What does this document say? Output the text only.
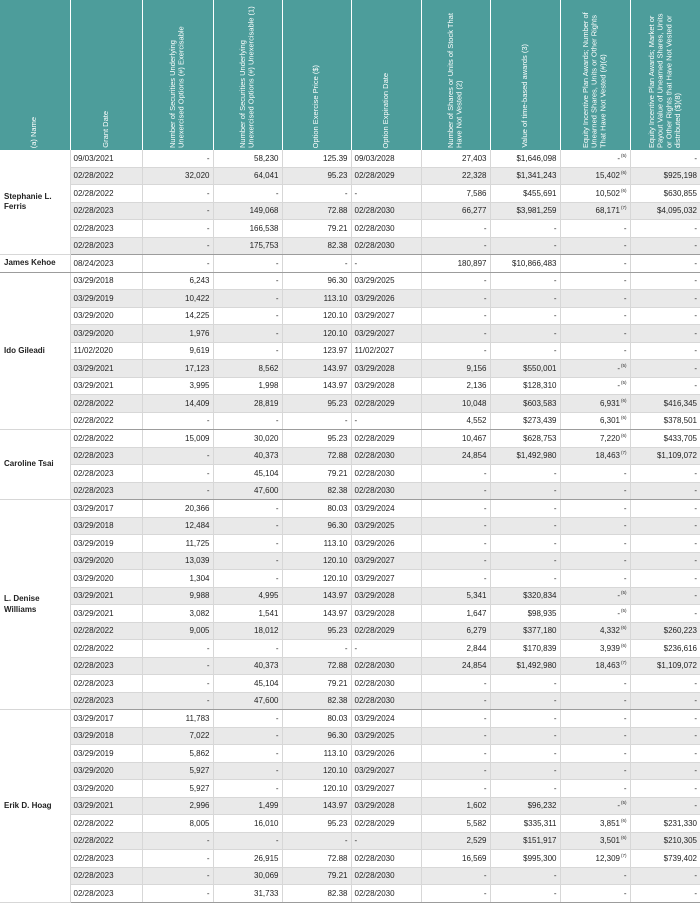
(a) Name	Grant Date	Number of Securities Underlying Unexercised Options (#) Exercisable	Number of Securities Underlying Unexercised Options (#) Unexercisable (1)	Option Exercise Price ($)	Option Expiration Date	Number of Shares or Units of Stock That Have Not Vested (2)	Value of time-based awards (3)	Equity Incentive Plan Awards; Number of Unearned Shares, Units or Other Rights That Have Not Vested (#)(4)	Equity Incentive Plan Awards; Market or Payout Value of Unearned Shares, Units or Other Rights that Have Not Vested or distributed ($)(8)
Stephanie L. Ferris	09/03/2021	-	58,230	125.39	09/03/2028	27,403	$1,646,098	-$^{(5)}$	-
	02/28/2022	32,020	64,041	95.23	02/28/2029	22,328	$1,341,243	15,402$^{(6)}$	$925,198
	02/28/2022	-	-	-	-	7,586	$455,691	10,502$^{(6)}$	$630,855
	02/28/2023	-	149,068	72.88	02/28/2030	66,277	$3,981,259	68,171$^{(7)}$	$4,095,032
	02/28/2023	-	166,538	79.21	02/28/2030	-	-	-	-
	02/28/2023	-	175,753	82.38	02/28/2030	-	-	-	-
James Kehoe	08/24/2023	-	-	-	-	180,897	$10,866,483	-	-
Ido Gileadi	03/29/2018	6,243	-	96.30	03/29/2025	-	-	-	-
	03/29/2019	10,422	-	113.10	03/29/2026	-	-	-	-
	03/29/2020	14,225	-	120.10	03/29/2027	-	-	-	-
	03/29/2020	1,976	-	120.10	03/29/2027	-	-	-	-
	11/02/2020	9,619	-	123.97	11/02/2027	-	-	-	-
	03/29/2021	17,123	8,562	143.97	03/29/2028	9,156	$550,001	-$^{(5)}$	-
	03/29/2021	3,995	1,998	143.97	03/29/2028	2,136	$128,310	-$^{(5)}$	-
	02/28/2022	14,409	28,819	95.23	02/28/2029	10,048	$603,583	6,931$^{(6)}$	$416,345
	02/28/2022	-	-	-	-	4,552	$273,439	6,301$^{(6)}$	$378,501
Caroline Tsai	02/28/2022	15,009	30,020	95.23	02/28/2029	10,467	$628,753	7,220$^{(6)}$	$433,705
	02/28/2023	-	40,373	72.88	02/28/2030	24,854	$1,492,980	18,463$^{(7)}$	$1,109,072
	02/28/2023	-	45,104	79.21	02/28/2030	-	-	-	-
	02/28/2023	-	47,600	82.38	02/28/2030	-	-	-	-
L. Denise Williams	03/29/2017	20,366	-	80.03	03/29/2024	-	-	-	-
	03/29/2018	12,484	-	96.30	03/29/2025	-	-	-	-
	03/29/2019	11,725	-	113.10	03/29/2026	-	-	-	-
	03/29/2020	13,039	-	120.10	03/29/2027	-	-	-	-
	03/29/2020	1,304	-	120.10	03/29/2027	-	-	-	-
	03/29/2021	9,988	4,995	143.97	03/29/2028	5,341	$320,834	-$^{(5)}$	-
	03/29/2021	3,082	1,541	143.97	03/29/2028	1,647	$98,935	-$^{(5)}$	-
	02/28/2022	9,005	18,012	95.23	02/28/2029	6,279	$377,180	4,332$^{(6)}$	$260,223
	02/28/2022	-	-	-	-	2,844	$170,839	3,939$^{(6)}$	$236,616
	02/28/2023	-	40,373	72.88	02/28/2030	24,854	$1,492,980	18,463$^{(7)}$	$1,109,072
	02/28/2023	-	45,104	79.21	02/28/2030	-	-	-	-
	02/28/2023	-	47,600	82.38	02/28/2030	-	-	-	-
Erik D. Hoag	03/29/2017	11,783	-	80.03	03/29/2024	-	-	-	-
	03/29/2018	7,022	-	96.30	03/29/2025	-	-	-	-
	03/29/2019	5,862	-	113.10	03/29/2026	-	-	-	-
	03/29/2020	5,927	-	120.10	03/29/2027	-	-	-	-
	03/29/2020	5,927	-	120.10	03/29/2027	-	-	-	-
	03/29/2021	2,996	1,499	143.97	03/29/2028	1,602	$96,232	-$^{(5)}$	-
	02/28/2022	8,005	16,010	95.23	02/28/2029	5,582	$335,311	3,851$^{(6)}$	$231,330
	02/28/2022	-	-	-	-	2,529	$151,917	3,501$^{(6)}$	$210,305
	02/28/2023	-	26,915	72.88	02/28/2030	16,569	$995,300	12,309$^{(7)}$	$739,402
	02/28/2023	-	30,069	79.21	02/28/2030	-	-	-	-
	02/28/2023	-	31,733	82.38	02/28/2030	-	-	-	-
